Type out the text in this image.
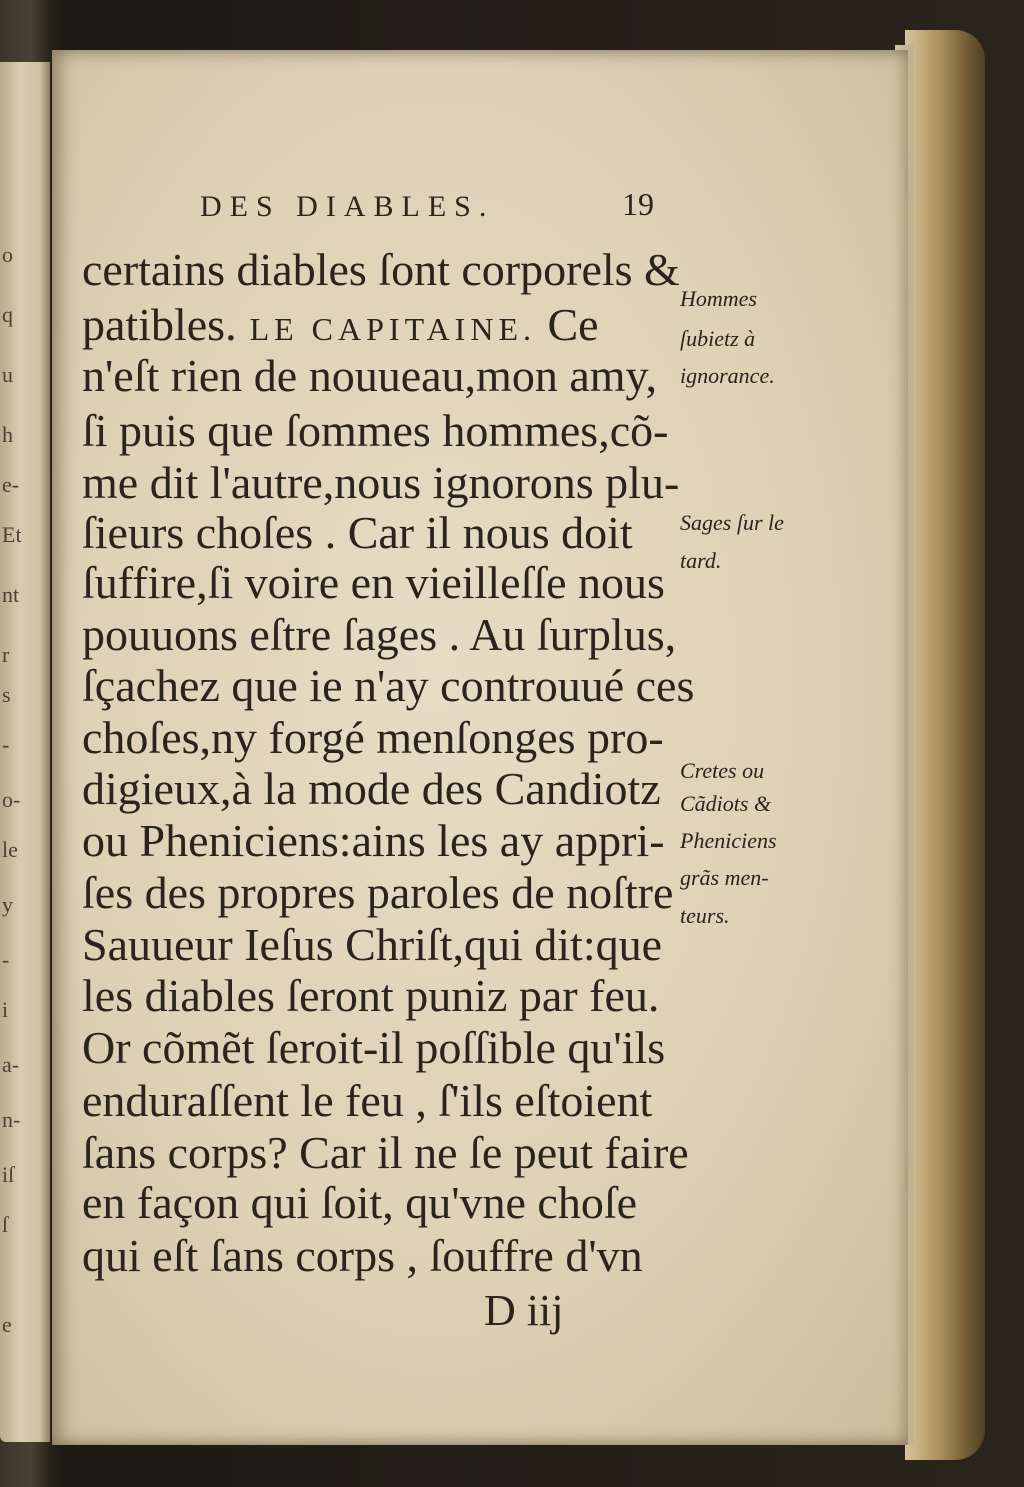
o
q
u
h
e-
Et
nt
r
s
-
o-
le
y
-
i
a-
n-
iſ
ſ
e
DES DIABLES.	19
certains diables ſont corporels &
patibles. LE CAPITAINE. Ce
n'eſt rien de nouueau,mon amy,
ſi puis que ſommes hommes,cõ-
me dit l'autre,nous ignorons plu-
ſieurs choſes . Car il nous doit
ſuffire,ſi voire en vieilleſſe nous
pouuons eſtre ſages . Au ſurplus,
ſçachez que ie n'ay controuué ces
choſes,ny forgé menſonges pro-
digieux,à la mode des Candiotz
ou Pheniciens:ains les ay appri-
ſes des propres paroles de noſtre
Sauueur Ieſus Chriſt,qui dit:que
les diables ſeront puniz par feu.
Or cõmẽt ſeroit-il poſſible qu'ils
enduraſſent le feu , ſ'ils eſtoient
ſans corps? Car il ne ſe peut faire
en façon qui ſoit, qu'vne choſe
qui eſt ſans corps , ſouffre d'vn
Hommes
ſubietz à
ignorance.
Sages ſur le
tard.
Cretes ou
Cãdiots &
Pheniciens
grãs men-
teurs.
D iij
